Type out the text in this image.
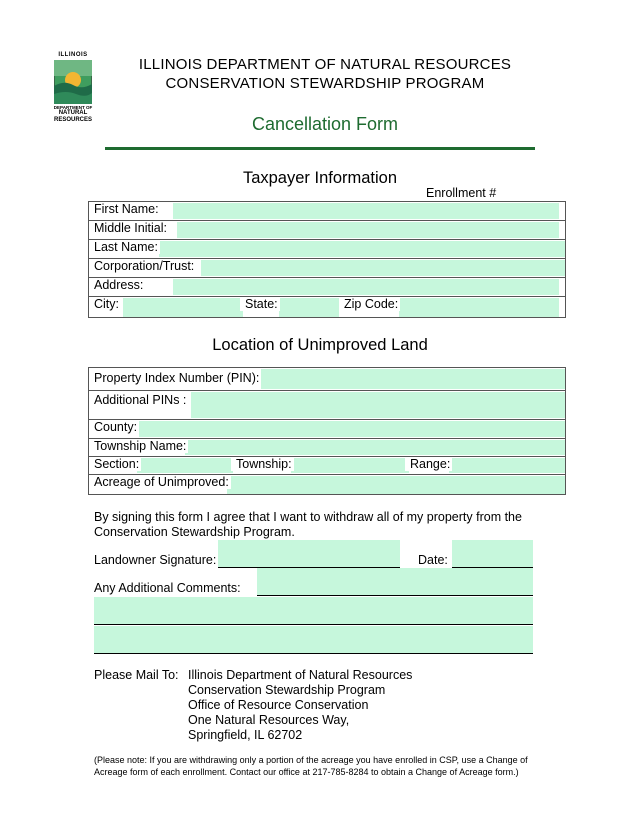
ILLINOIS
DEPARTMENT OF
NATURAL
RESOURCES
ILLINOIS DEPARTMENT OF NATURAL RESOURCES
CONSERVATION STEWARDSHIP PROGRAM
Cancellation Form
Taxpayer Information
Enrollment #
First Name:
Middle Initial:
Last Name:
Corporation/Trust:
Address:
City:	State:	Zip Code:
Location of Unimproved Land
Property Index Number (PIN):
Additional PINs :
County:
Township Name:
Section:	Township:	Range:
Acreage of Unimproved:
By signing this form I agree that I want to withdraw all of my property from the
Conservation Stewardship Program.
Landowner Signature:	Date:
Any Additional Comments:
Please Mail To: Illinois Department of Natural Resources
Conservation Stewardship Program
Office of Resource Conservation
One Natural Resources Way,
Springfield, IL 62702
(Please note: If you are withdrawing only a portion of the acreage you have enrolled in CSP, use a Change of
Acreage form of each enrollment. Contact our office at 217-785-8284 to obtain a Change of Acreage form.)
